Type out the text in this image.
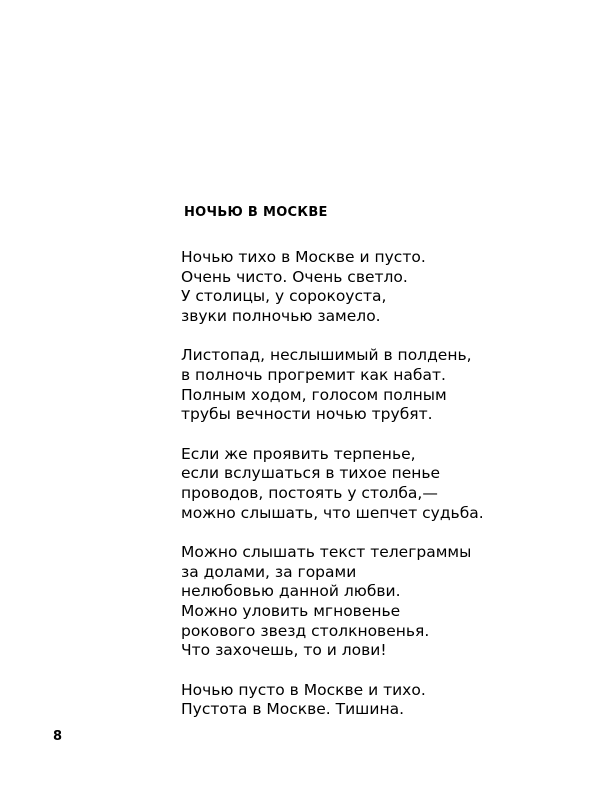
НОЧЬЮ В МОСКВЕ
Ночью тихо в Москве и пусто.
Очень чисто. Очень светло.
У столицы, у сорокоуста,
звуки полночью замело.
Листопад, неслышимый в полдень,
в полночь прогремит как набат.
Полным ходом, голосом полным
трубы вечности ночью трубят.
Если же проявить терпенье,
если вслушаться в тихое пенье
проводов, постоять у столба,—
можно слышать, что шепчет судьба.
Можно слышать текст телеграммы
за долами, за горами
нелюбовью данной любви.
Можно уловить мгновенье
рокового звезд столкновенья.
Что захочешь, то и лови!
Ночью пусто в Москве и тихо.
Пустота в Москве. Тишина.
8
